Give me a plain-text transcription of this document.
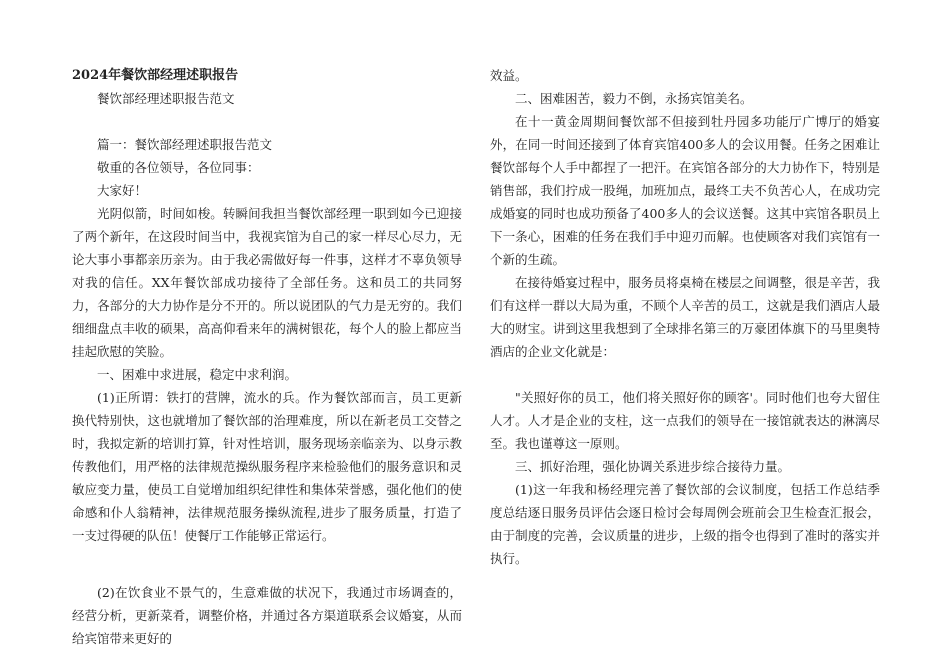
2024年餐饮部经理述职报告

餐饮部经理述职报告范文

篇一：餐饮部经理述职报告范文

敬重的各位领导，各位同事：

大家好！

光阴似箭，时间如梭。转瞬间我担当餐饮部经理一职到如今已迎接了两个新年，在这段时间当中，我视宾馆为自己的家一样尽心尽力，无论大事小事都亲历亲为。由于我必需做好每一件事，这样才不辜负领导对我的信任。XX年餐饮部成功接待了全部任务。这和员工的共同努力，各部分的大力协作是分不开的。所以说团队的气力是无穷的。我们细细盘点丰收的硕果，高高仰看来年的满树银花，每个人的脸上都应当挂起欣慰的笑脸。

一、困难中求进展，稳定中求利润。

(1)正所谓：铁打的营牌，流水的兵。作为餐饮部而言，员工更新换代特别快，这也就增加了餐饮部的治理难度，所以在新老员工交替之时，我拟定新的培训打算，针对性培训，服务现场亲临亲为、以身示教传教他们，用严格的法律规范操纵服务程序来检验他们的服务意识和灵敏应变力量，使员工自觉增加组织纪律性和集体荣誉感，强化他们的使命感和仆人翁精神，法律规范服务操纵流程,进步了服务质量，打造了一支过得硬的队伍！使餐厅工作能够正常运行。

(2)在饮食业不景气的，生意难做的状况下，我通过市场调查的，经营分析，更新菜肴，调整价格，并通过各方渠道联系会议婚宴，从而给宾馆带来更好的

效益。

二、困难困苦，毅力不倒，永扬宾馆美名。

在十一黄金周期间餐饮部不但接到牡丹园多功能厅广博厅的婚宴外，在同一时间还接到了体育宾馆400多人的会议用餐。任务之困难让餐饮部每个人手中都捏了一把汗。在宾馆各部分的大力协作下，特别是销售部，我们拧成一股绳，加班加点，最终工夫不负苦心人，在成功完成婚宴的同时也成功预备了400多人的会议送餐。这其中宾馆各职员上下一条心，困难的任务在我们手中迎刃而解。也使顾客对我们宾馆有一个新的生疏。

在接待婚宴过程中，服务员将桌椅在楼层之间调整，很是辛苦，我们有这样一群以大局为重，不顾个人辛苦的员工，这就是我们酒店人最大的财宝。讲到这里我想到了全球排名第三的万豪团体旗下的马里奥特酒店的企业文化就是：

"关照好你的员工，他们将关照好你的顾客'。同时他们也夸大留住人才。人才是企业的支柱，这一点我们的领导在一接馆就表达的淋漓尽至。我也谨尊这一原则。

三、抓好治理，强化协调关系进步综合接待力量。

(1)这一年我和杨经理完善了餐饮部的会议制度，包括工作总结季度总结逐日服务员评估会逐日检讨会每周例会班前会卫生检查汇报会，由于制度的完善，会议质量的进步，上级的指令也得到了准时的落实并执行。
